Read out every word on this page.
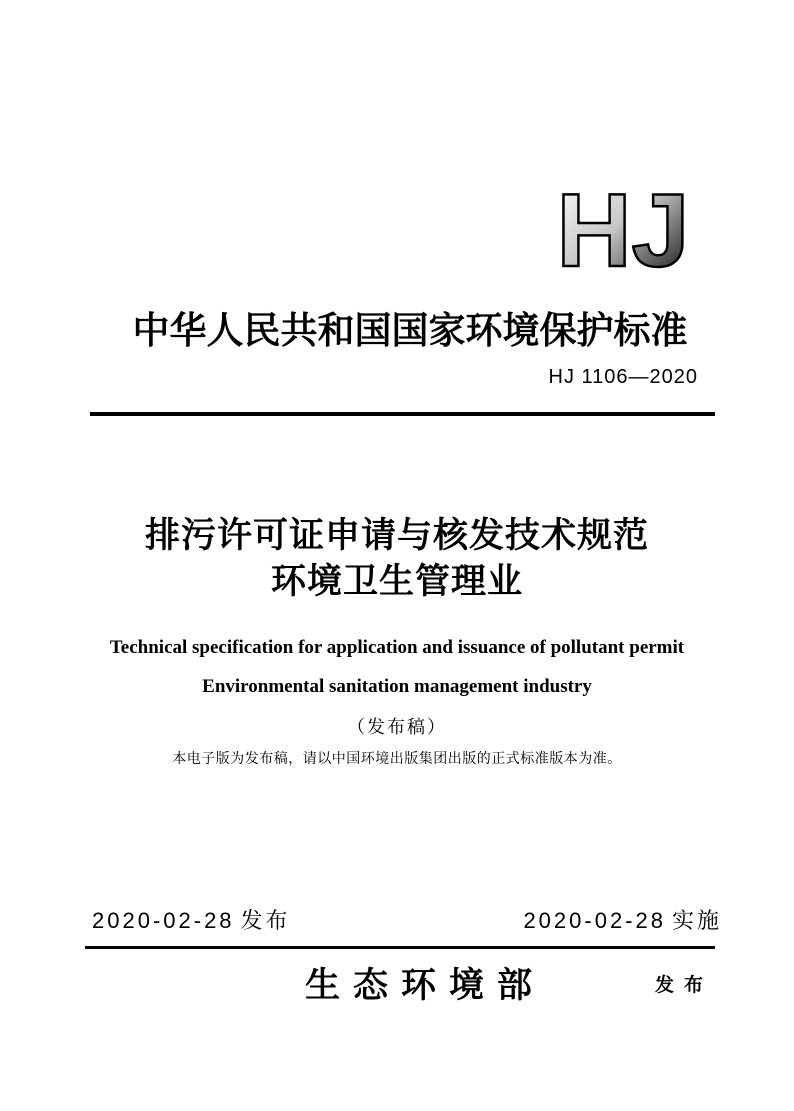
HJ
中华人民共和国国家环境保护标准
HJ 1106—2020
排污许可证申请与核发技术规范
环境卫生管理业
Technical specification for application and issuance of pollutant permit
Environmental sanitation management industry
（发布稿）
本电子版为发布稿，请以中国环境出版集团出版的正式标准版本为准。
2020-02-28 发布	2020-02-28 实施
生态环境部	发布
